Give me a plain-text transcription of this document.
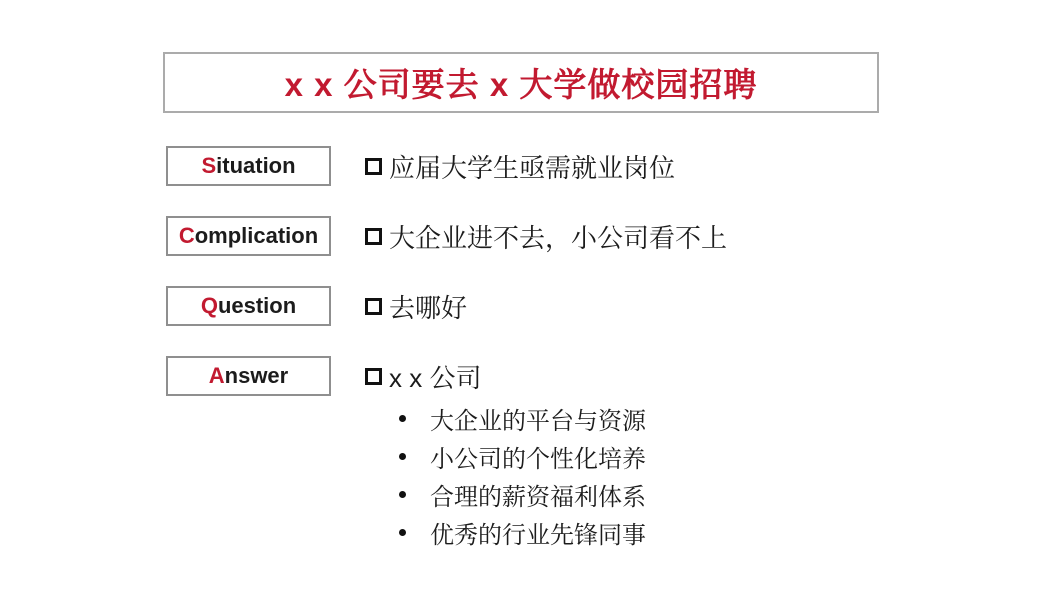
x x 公司要去 x 大学做校园招聘
Situation	应届大学生亟需就业岗位
Complication	大企业进不去，小公司看不上
Question	去哪好
Answer	x x 公司
大企业的平台与资源
小公司的个性化培养
合理的薪资福利体系
优秀的行业先锋同事
